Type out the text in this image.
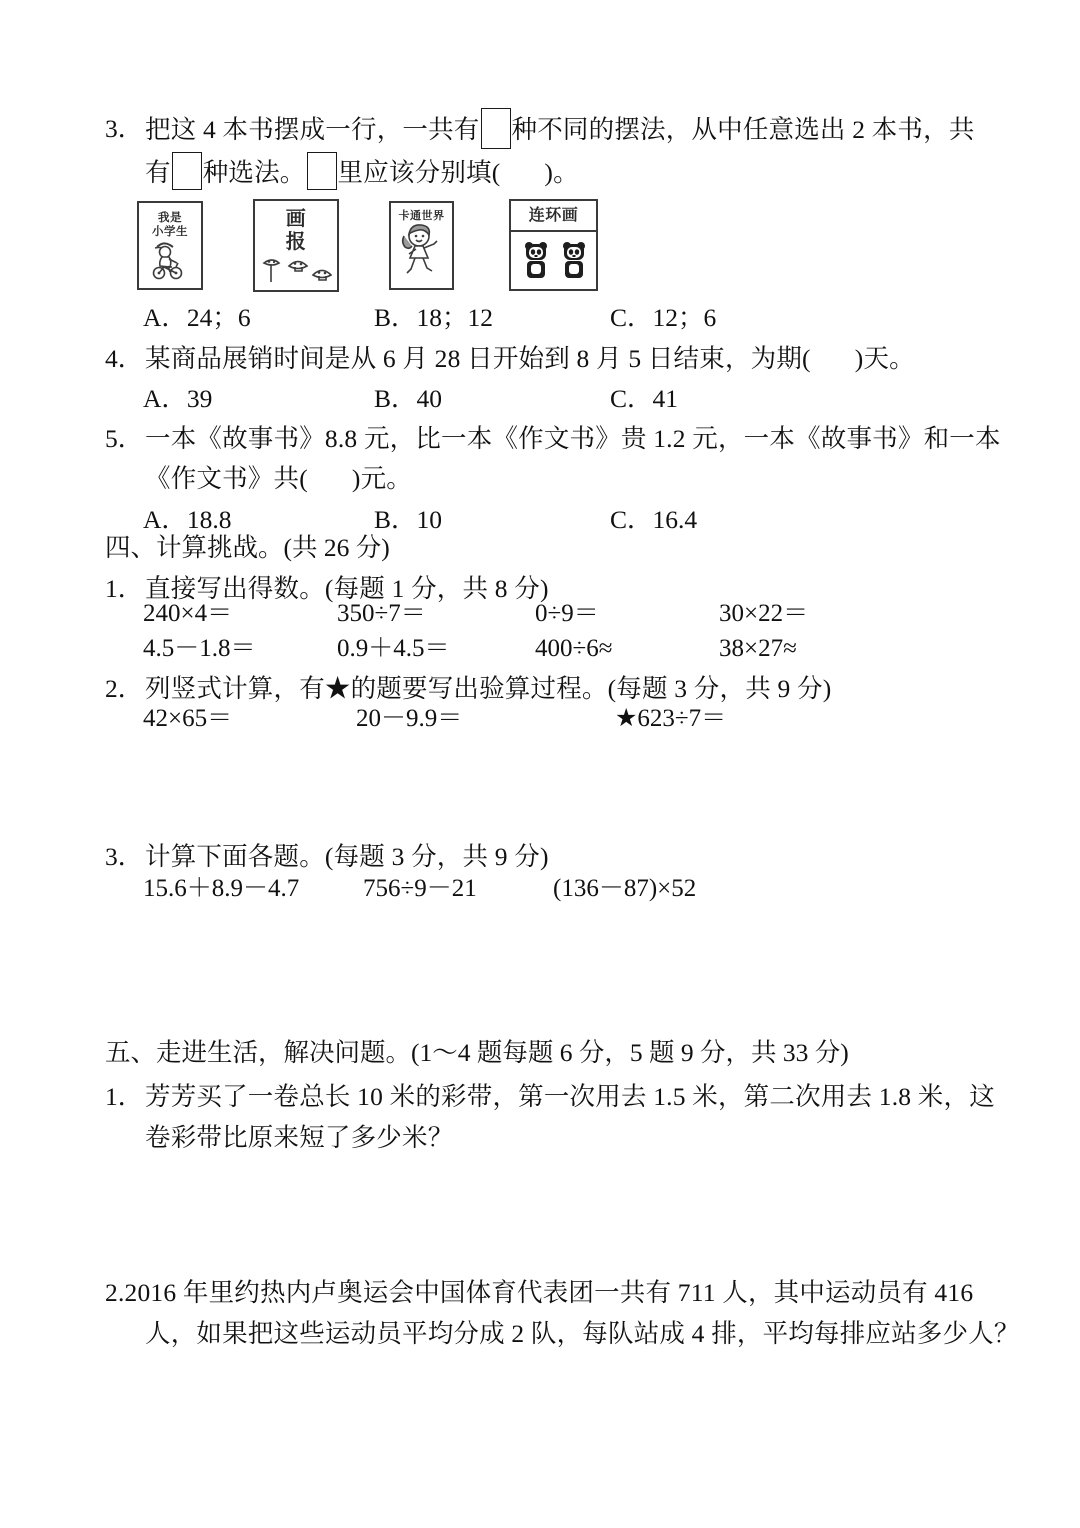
3． 把这 4 本书摆成一行，一共有 种不同的摆法，从中任意选出 2 本书，共
有 种选法。 里应该分别填( )。
我是
小学生
画
报
卡通世界	连环画
A．24；6	B．18；12	C．12；6
4． 某商品展销时间是从 6 月 28 日开始到 8 月 5 日结束，为期( )天。
A．39	B．40	C．41
5． 一本《故事书》8.8 元，比一本《作文书》贵 1.2 元，一本《故事书》和一本
《作文书》共( )元。
A．18.8	B．10	C．16.4
四、计算挑战。(共 26 分)
1． 直接写出得数。(每题 1 分，共 8 分)
240×4＝	350÷7＝	0÷9＝	30×22＝
4.5－1.8＝	0.9＋4.5＝	400÷6≈	38×27≈
2． 列竖式计算，有★的题要写出验算过程。(每题 3 分，共 9 分)
42×65＝	20－9.9＝	★623÷7＝
3． 计算下面各题。(每题 3 分，共 9 分)
15.6＋8.9－4.7	756÷9－21	(136－87)×52
五、走进生活，解决问题。(1～4 题每题 6 分，5 题 9 分，共 33 分)
1． 芳芳买了一卷总长 10 米的彩带，第一次用去 1.5 米，第二次用去 1.8 米，这
卷彩带比原来短了多少米？
2.2016 年里约热内卢奥运会中国体育代表团一共有 711 人，其中运动员有 416
人，如果把这些运动员平均分成 2 队，每队站成 4 排，平均每排应站多少人？
